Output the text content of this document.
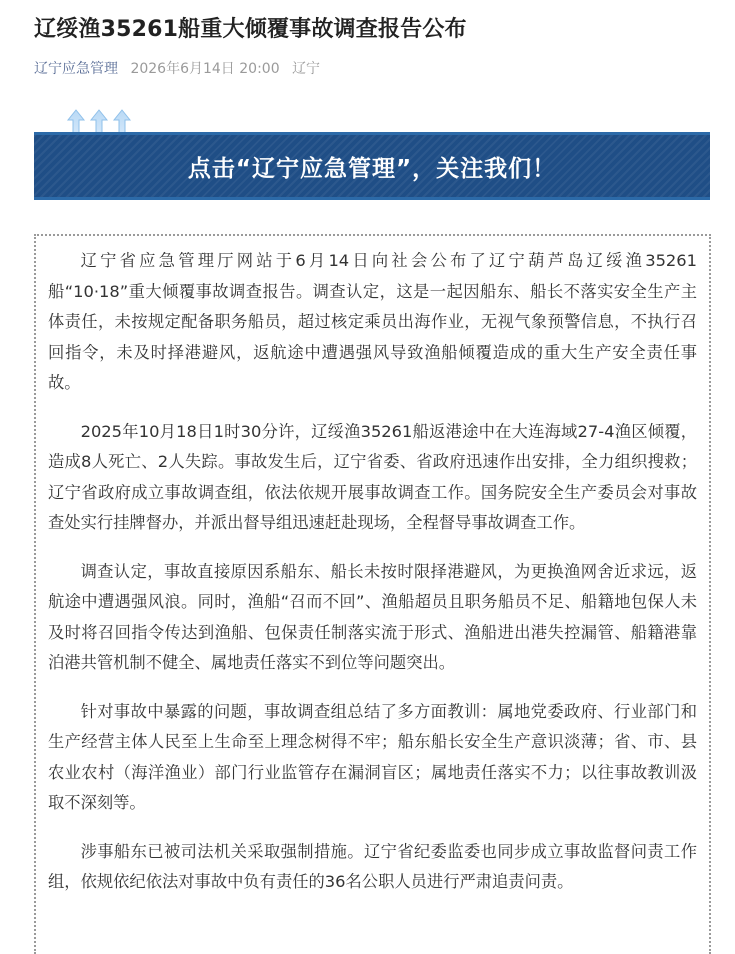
辽绥渔35261船重大倾覆事故调查报告公布
辽宁应急管理 2026年6月14日 20:00 辽宁
点击“辽宁应急管理”，关注我们！

辽宁省应急管理厅网站于6月14日向社会公布了辽宁葫芦岛辽绥渔35261船“10·18”重大倾覆事故调查报告。调查认定，这是一起因船东、船长不落实安全生产主体责任，未按规定配备职务船员，超过核定乘员出海作业，无视气象预警信息，不执行召回指令，未及时择港避风，返航途中遭遇强风导致渔船倾覆造成的重大生产安全责任事故。

2025年10月18日1时30分许，辽绥渔35261船返港途中在大连海域27-4渔区倾覆，造成8人死亡、2人失踪。事故发生后，辽宁省委、省政府迅速作出安排，全力组织搜救；辽宁省政府成立事故调查组，依法依规开展事故调查工作。国务院安全生产委员会对事故查处实行挂牌督办，并派出督导组迅速赶赴现场，全程督导事故调查工作。

调查认定，事故直接原因系船东、船长未按时限择港避风，为更换渔网舍近求远，返航途中遭遇强风浪。同时，渔船“召而不回”、渔船超员且职务船员不足、船籍地包保人未及时将召回指令传达到渔船、包保责任制落实流于形式、渔船进出港失控漏管、船籍港靠泊港共管机制不健全、属地责任落实不到位等问题突出。

针对事故中暴露的问题，事故调查组总结了多方面教训：属地党委政府、行业部门和生产经营主体人民至上生命至上理念树得不牢；船东船长安全生产意识淡薄；省、市、县农业农村（海洋渔业）部门行业监管存在漏洞盲区；属地责任落实不力；以往事故教训汲取不深刻等。

涉事船东已被司法机关采取强制措施。辽宁省纪委监委也同步成立事故监督问责工作组，依规依纪依法对事故中负有责任的36名公职人员进行严肃追责问责。
